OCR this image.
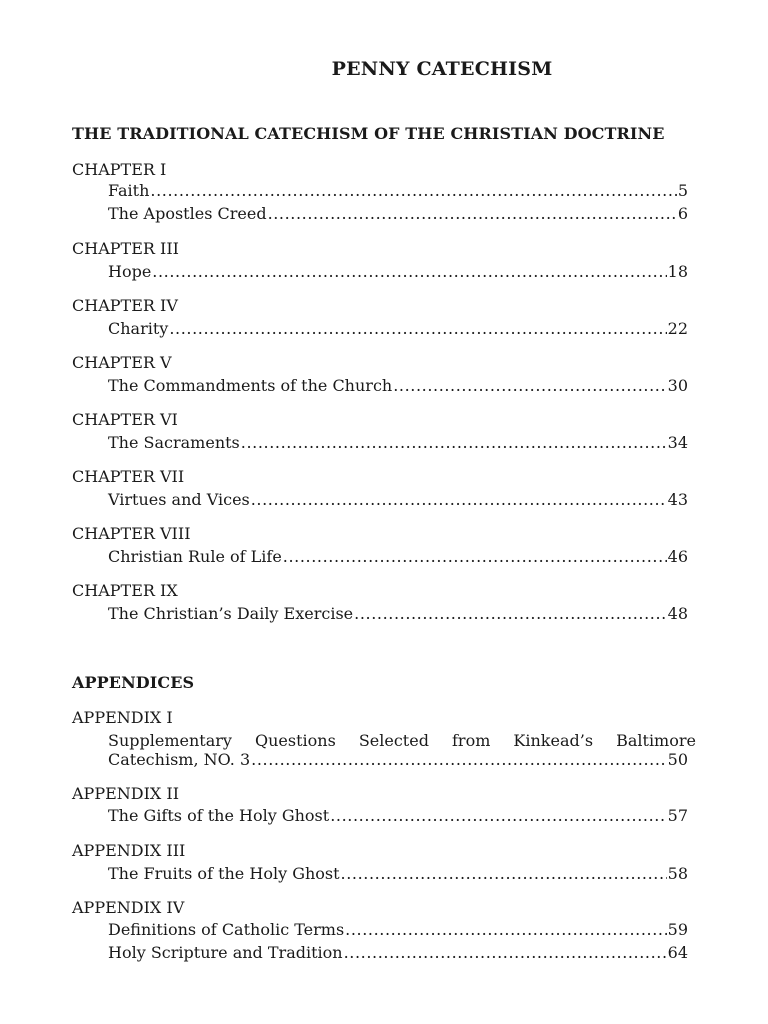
PENNY CATECHISM
THE TRADITIONAL CATECHISM OF THE CHRISTIAN DOCTRINE
CHAPTER I
Faith .....	5
The Apostles Creed .....	6
CHAPTER III
Hope .....	18
CHAPTER IV
Charity .....	22
CHAPTER V
The Commandments of the Church .....	30
CHAPTER VI
The Sacraments .....	34
CHAPTER VII
Virtues and Vices .....	43
CHAPTER VIII
Christian Rule of Life .....	46
CHAPTER IX
The Christian’s Daily Exercise .....	48
APPENDICES
APPENDIX I
Supplementary Questions Selected from Kinkead’s Baltimore
Catechism, NO. 3 .....	50
APPENDIX II
The Gifts of the Holy Ghost .....	57
APPENDIX III
The Fruits of the Holy Ghost .....	58
APPENDIX IV
Definitions of Catholic Terms .....	59
Holy Scripture and Tradition .....	64
